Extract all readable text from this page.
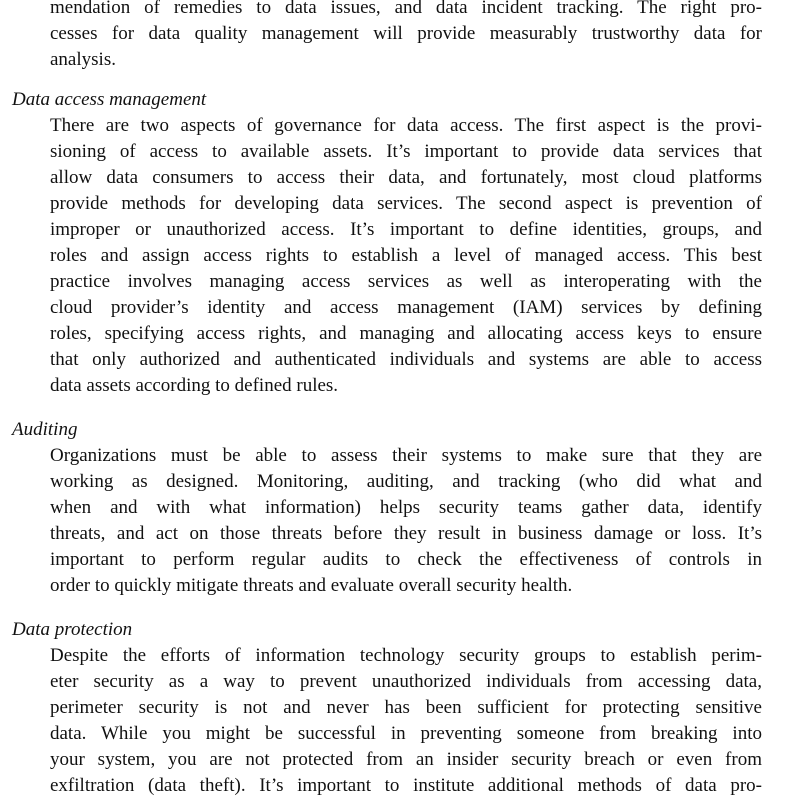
mendation of remedies to data issues, and data incident tracking. The right pro-
cesses for data quality management will provide measurably trustworthy data for
analysis.
Data access management
There are two aspects of governance for data access. The first aspect is the provi-
sioning of access to available assets. It’s important to provide data services that
allow data consumers to access their data, and fortunately, most cloud platforms
provide methods for developing data services. The second aspect is prevention of
improper or unauthorized access. It’s important to define identities, groups, and
roles and assign access rights to establish a level of managed access. This best
practice involves managing access services as well as interoperating with the
cloud provider’s identity and access management (IAM) services by defining
roles, specifying access rights, and managing and allocating access keys to ensure
that only authorized and authenticated individuals and systems are able to access
data assets according to defined rules.
Auditing
Organizations must be able to assess their systems to make sure that they are
working as designed. Monitoring, auditing, and tracking (who did what and
when and with what information) helps security teams gather data, identify
threats, and act on those threats before they result in business damage or loss. It’s
important to perform regular audits to check the effectiveness of controls in
order to quickly mitigate threats and evaluate overall security health.
Data protection
Despite the efforts of information technology security groups to establish perim-
eter security as a way to prevent unauthorized individuals from accessing data,
perimeter security is not and never has been sufficient for protecting sensitive
data. While you might be successful in preventing someone from breaking into
your system, you are not protected from an insider security breach or even from
exfiltration (data theft). It’s important to institute additional methods of data pro-
